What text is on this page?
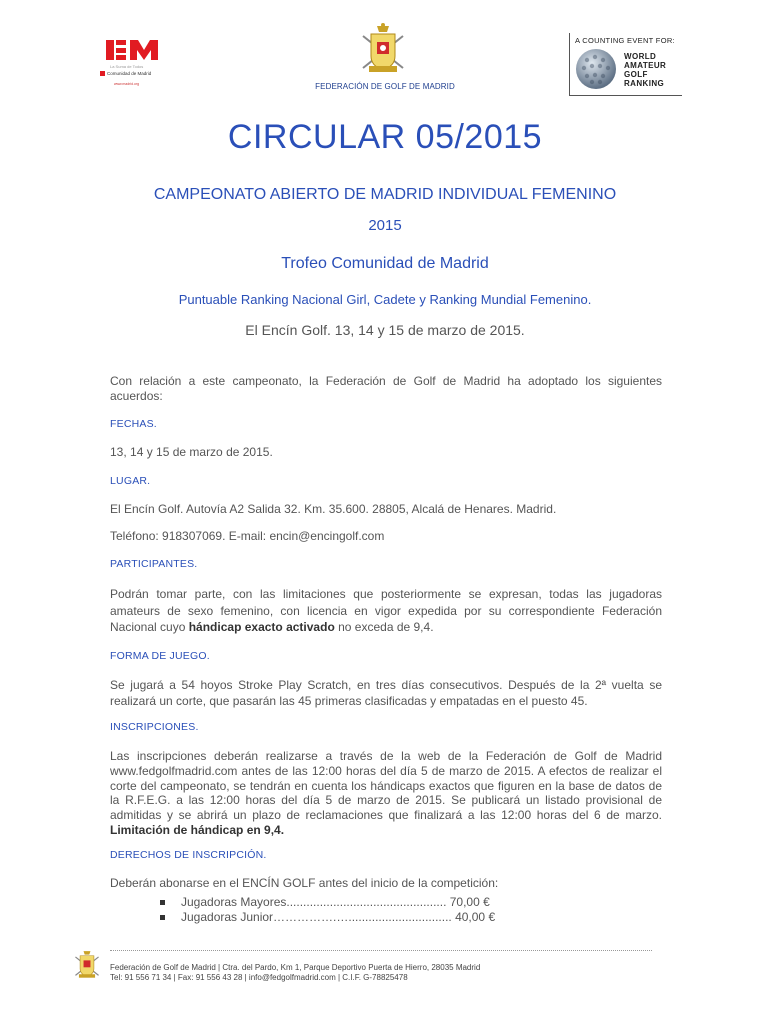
La Suma de Todos
Comunidad de Madrid
www.madrid.org	FEDERACIÓN DE GOLF DE MADRID
A COUNTING EVENT FOR:
WORLD
AMATEUR
GOLF
RANKING
CIRCULAR 05/2015
CAMPEONATO ABIERTO DE MADRID INDIVIDUAL FEMENINO
2015
Trofeo Comunidad de Madrid
Puntuable Ranking Nacional Girl, Cadete y Ranking Mundial Femenino.
El Encín Golf. 13, 14 y 15 de marzo de 2015.
Con relación a este campeonato, la Federación de Golf de Madrid ha adoptado los siguientes acuerdos:
FECHAS.
13, 14 y 15 de marzo de 2015.
LUGAR.
El Encín Golf. Autovía A2 Salida 32. Km. 35.600. 28805, Alcalá de Henares. Madrid.
Teléfono: 918307069. E-mail: encin@encingolf.com
PARTICIPANTES.
Podrán tomar parte, con las limitaciones que posteriormente se expresan, todas las jugadoras amateurs de sexo femenino, con licencia en vigor expedida por su correspondiente Federación Nacional cuyo hándicap exacto activado no exceda de 9,4.
FORMA DE JUEGO.
Se jugará a 54 hoyos Stroke Play Scratch, en tres días consecutivos. Después de la 2ª vuelta se realizará un corte, que pasarán las 45 primeras clasificadas y empatadas en el puesto 45.
INSCRIPCIONES.
Las inscripciones deberán realizarse a través de la web de la Federación de Golf de Madrid www.fedgolfmadrid.com antes de las 12:00 horas del día 5 de marzo de 2015. A efectos de realizar el corte del campeonato, se tendrán en cuenta los hándicaps exactos que figuren en la base de datos de la R.F.E.G. a las 12:00 horas del día 5 de marzo de 2015. Se publicará un listado provisional de admitidas y se abrirá un plazo de reclamaciones que finalizará a las 12:00 horas del 6 de marzo. Limitación de hándicap en 9,4.
DERECHOS DE INSCRIPCIÓN.
Deberán abonarse en el ENCÍN GOLF antes del inicio de la competición:
Jugadoras Mayores................................................ 70,00 €
Jugadoras Junior…………….…............................... 40,00 €
Federación de Golf de Madrid | Ctra. del Pardo, Km 1, Parque Deportivo Puerta de Hierro, 28035 Madrid
Tel: 91 556 71 34 | Fax: 91 556 43 28 | info@fedgolfmadrid.com | C.I.F. G-78825478
